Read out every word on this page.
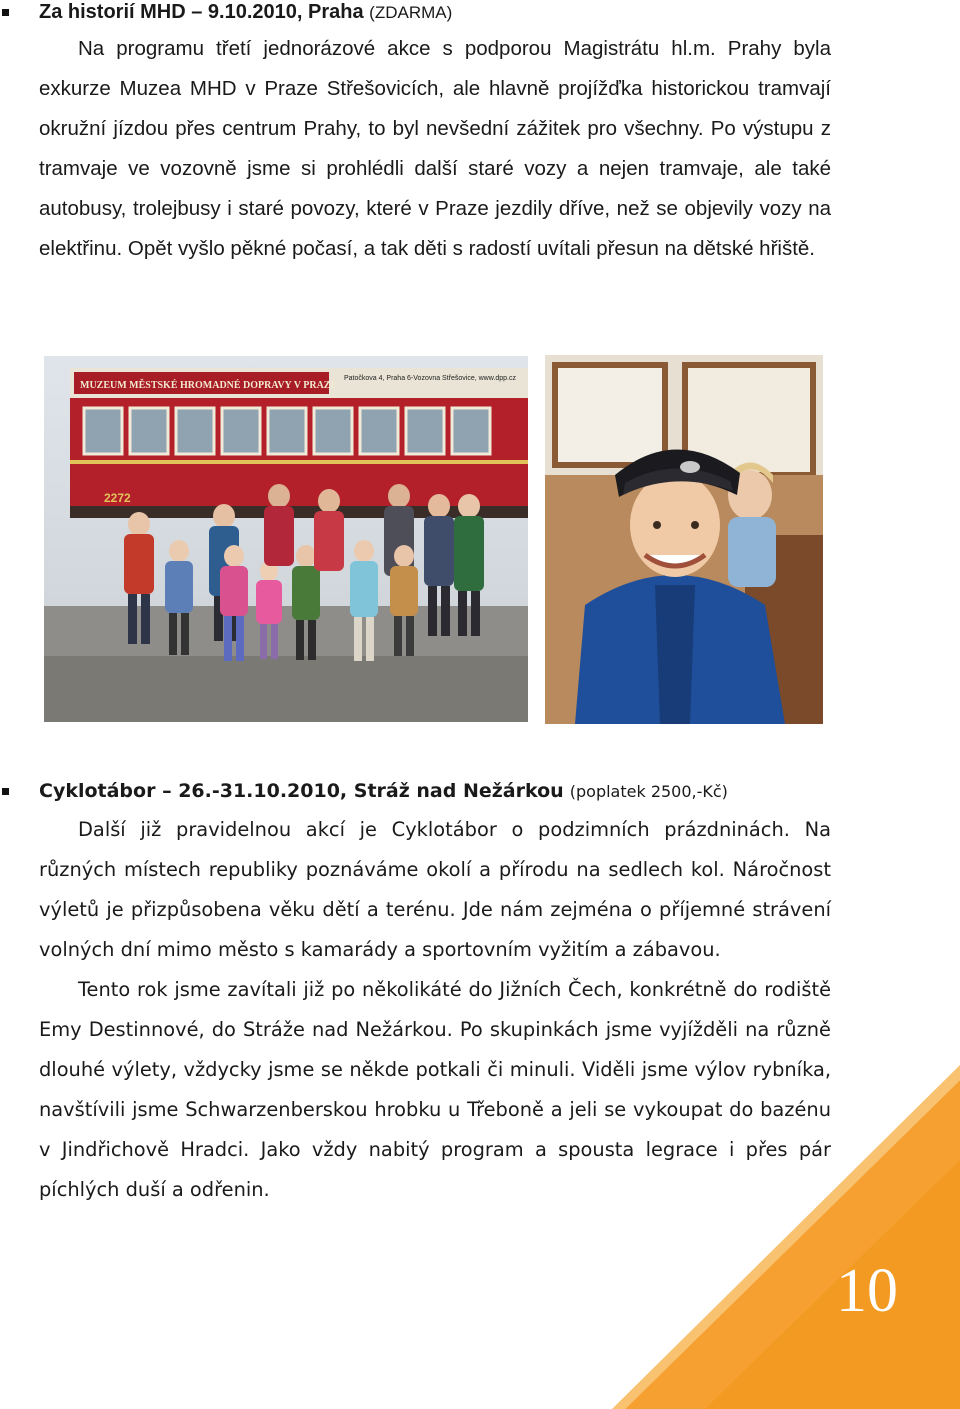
Za historií MHD – 9.10.2010, Praha (ZDARMA)

Na programu třetí jednorázové akce s podporou Magistrátu hl.m. Prahy byla exkurze Muzea MHD v Praze Střešovicích, ale hlavně projížďka historickou tramvají okružní jízdou přes centrum Prahy, to byl nevšední zážitek pro všechny. Po výstupu z tramvaje ve vozovně jsme si prohlédli další staré vozy a nejen tramvaje, ale také autobusy, trolejbusy i staré povozy, které v Praze jezdily dříve, než se objevily vozy na elektřinu. Opět vyšlo pěkné počasí, a tak děti s radostí uvítali přesun na dětské hřiště.

MUZEUM MĚSTSKÉ HROMADNÉ DOPRAVY V PRAZE
Patočkova 4, Praha 6-Vozovna Střešovice, www.dpp.cz
2272
Cyklotábor – 26.-31.10.2010, Stráž nad Nežárkou (poplatek 2500,-Kč)

Další již pravidelnou akcí je Cyklotábor o podzimních prázdninách. Na různých místech republiky poznáváme okolí a přírodu na sedlech kol. Náročnost výletů je přizpůsobena věku dětí a terénu. Jde nám zejména o příjemné strávení volných dní mimo město s kamarády a sportovním vyžitím a zábavou.

Tento rok jsme zavítali již po několikáté do Jižních Čech, konkrétně do rodiště Emy Destinnové, do Stráže nad Nežárkou. Po skupinkách jsme vyjížděli na různě dlouhé výlety, vždycky jsme se někde potkali či minuli. Viděli jsme výlov rybníka, navštívili jsme Schwarzenberskou hrobku u Třeboně a jeli se vykoupat do bazénu v Jindřichově Hradci. Jako vždy nabitý program a spousta legrace i přes pár píchlých duší a odřenin.

10
